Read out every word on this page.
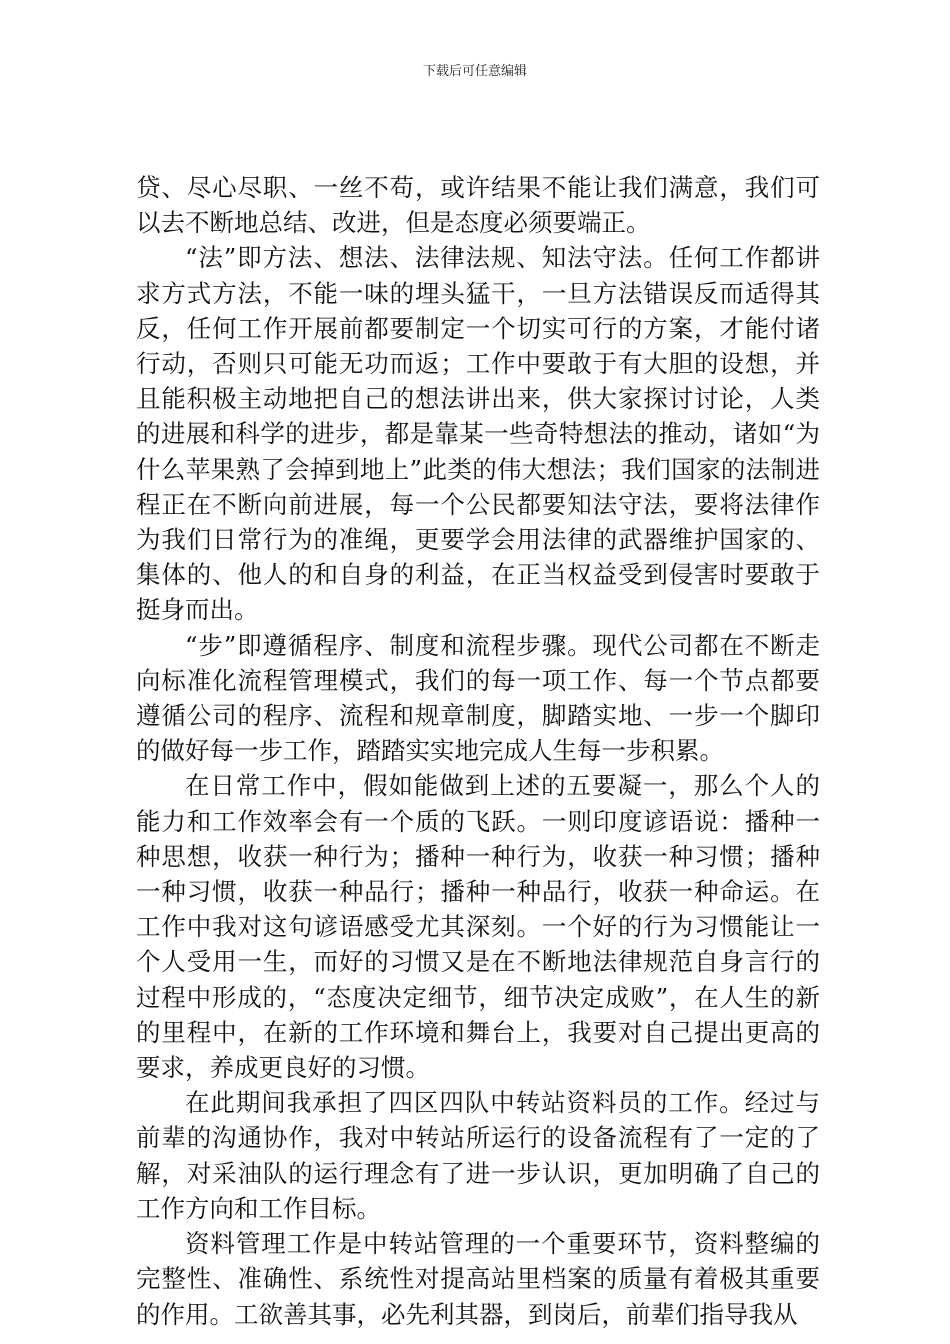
下载后可任意编辑

贷、尽心尽职、一丝不苟，或许结果不能让我们满意，我们可以去不断地总结、改进，但是态度必须要端正。

“法”即方法、想法、法律法规、知法守法。任何工作都讲求方式方法，不能一味的埋头猛干，一旦方法错误反而适得其反，任何工作开展前都要制定一个切实可行的方案，才能付诸行动，否则只可能无功而返；工作中要敢于有大胆的设想，并且能积极主动地把自己的想法讲出来，供大家探讨讨论，人类的进展和科学的进步，都是靠某一些奇特想法的推动，诸如“为什么苹果熟了会掉到地上”此类的伟大想法；我们国家的法制进程正在不断向前进展，每一个公民都要知法守法，要将法律作为我们日常行为的准绳，更要学会用法律的武器维护国家的、集体的、他人的和自身的利益，在正当权益受到侵害时要敢于挺身而出。

“步”即遵循程序、制度和流程步骤。现代公司都在不断走向标准化流程管理模式，我们的每一项工作、每一个节点都要遵循公司的程序、流程和规章制度，脚踏实地、一步一个脚印的做好每一步工作，踏踏实实地完成人生每一步积累。

在日常工作中，假如能做到上述的五要凝一，那么个人的能力和工作效率会有一个质的飞跃。一则印度谚语说：播种一种思想，收获一种行为；播种一种行为，收获一种习惯；播种一种习惯，收获一种品行；播种一种品行，收获一种命运。在工作中我对这句谚语感受尤其深刻。一个好的行为习惯能让一个人受用一生，而好的习惯又是在不断地法律规范自身言行的过程中形成的，“态度决定细节，细节决定成败”，在人生的新的里程中，在新的工作环境和舞台上，我要对自己提出更高的要求，养成更良好的习惯。

在此期间我承担了四区四队中转站资料员的工作。经过与前辈的沟通协作，我对中转站所运行的设备流程有了一定的了解，对采油队的运行理念有了进一步认识，更加明确了自己的工作方向和工作目标。

资料管理工作是中转站管理的一个重要环节，资料整编的完整性、准确性、系统性对提高站里档案的质量有着极其重要的作用。工欲善其事，必先利其器，到岗后，前辈们指导我从
